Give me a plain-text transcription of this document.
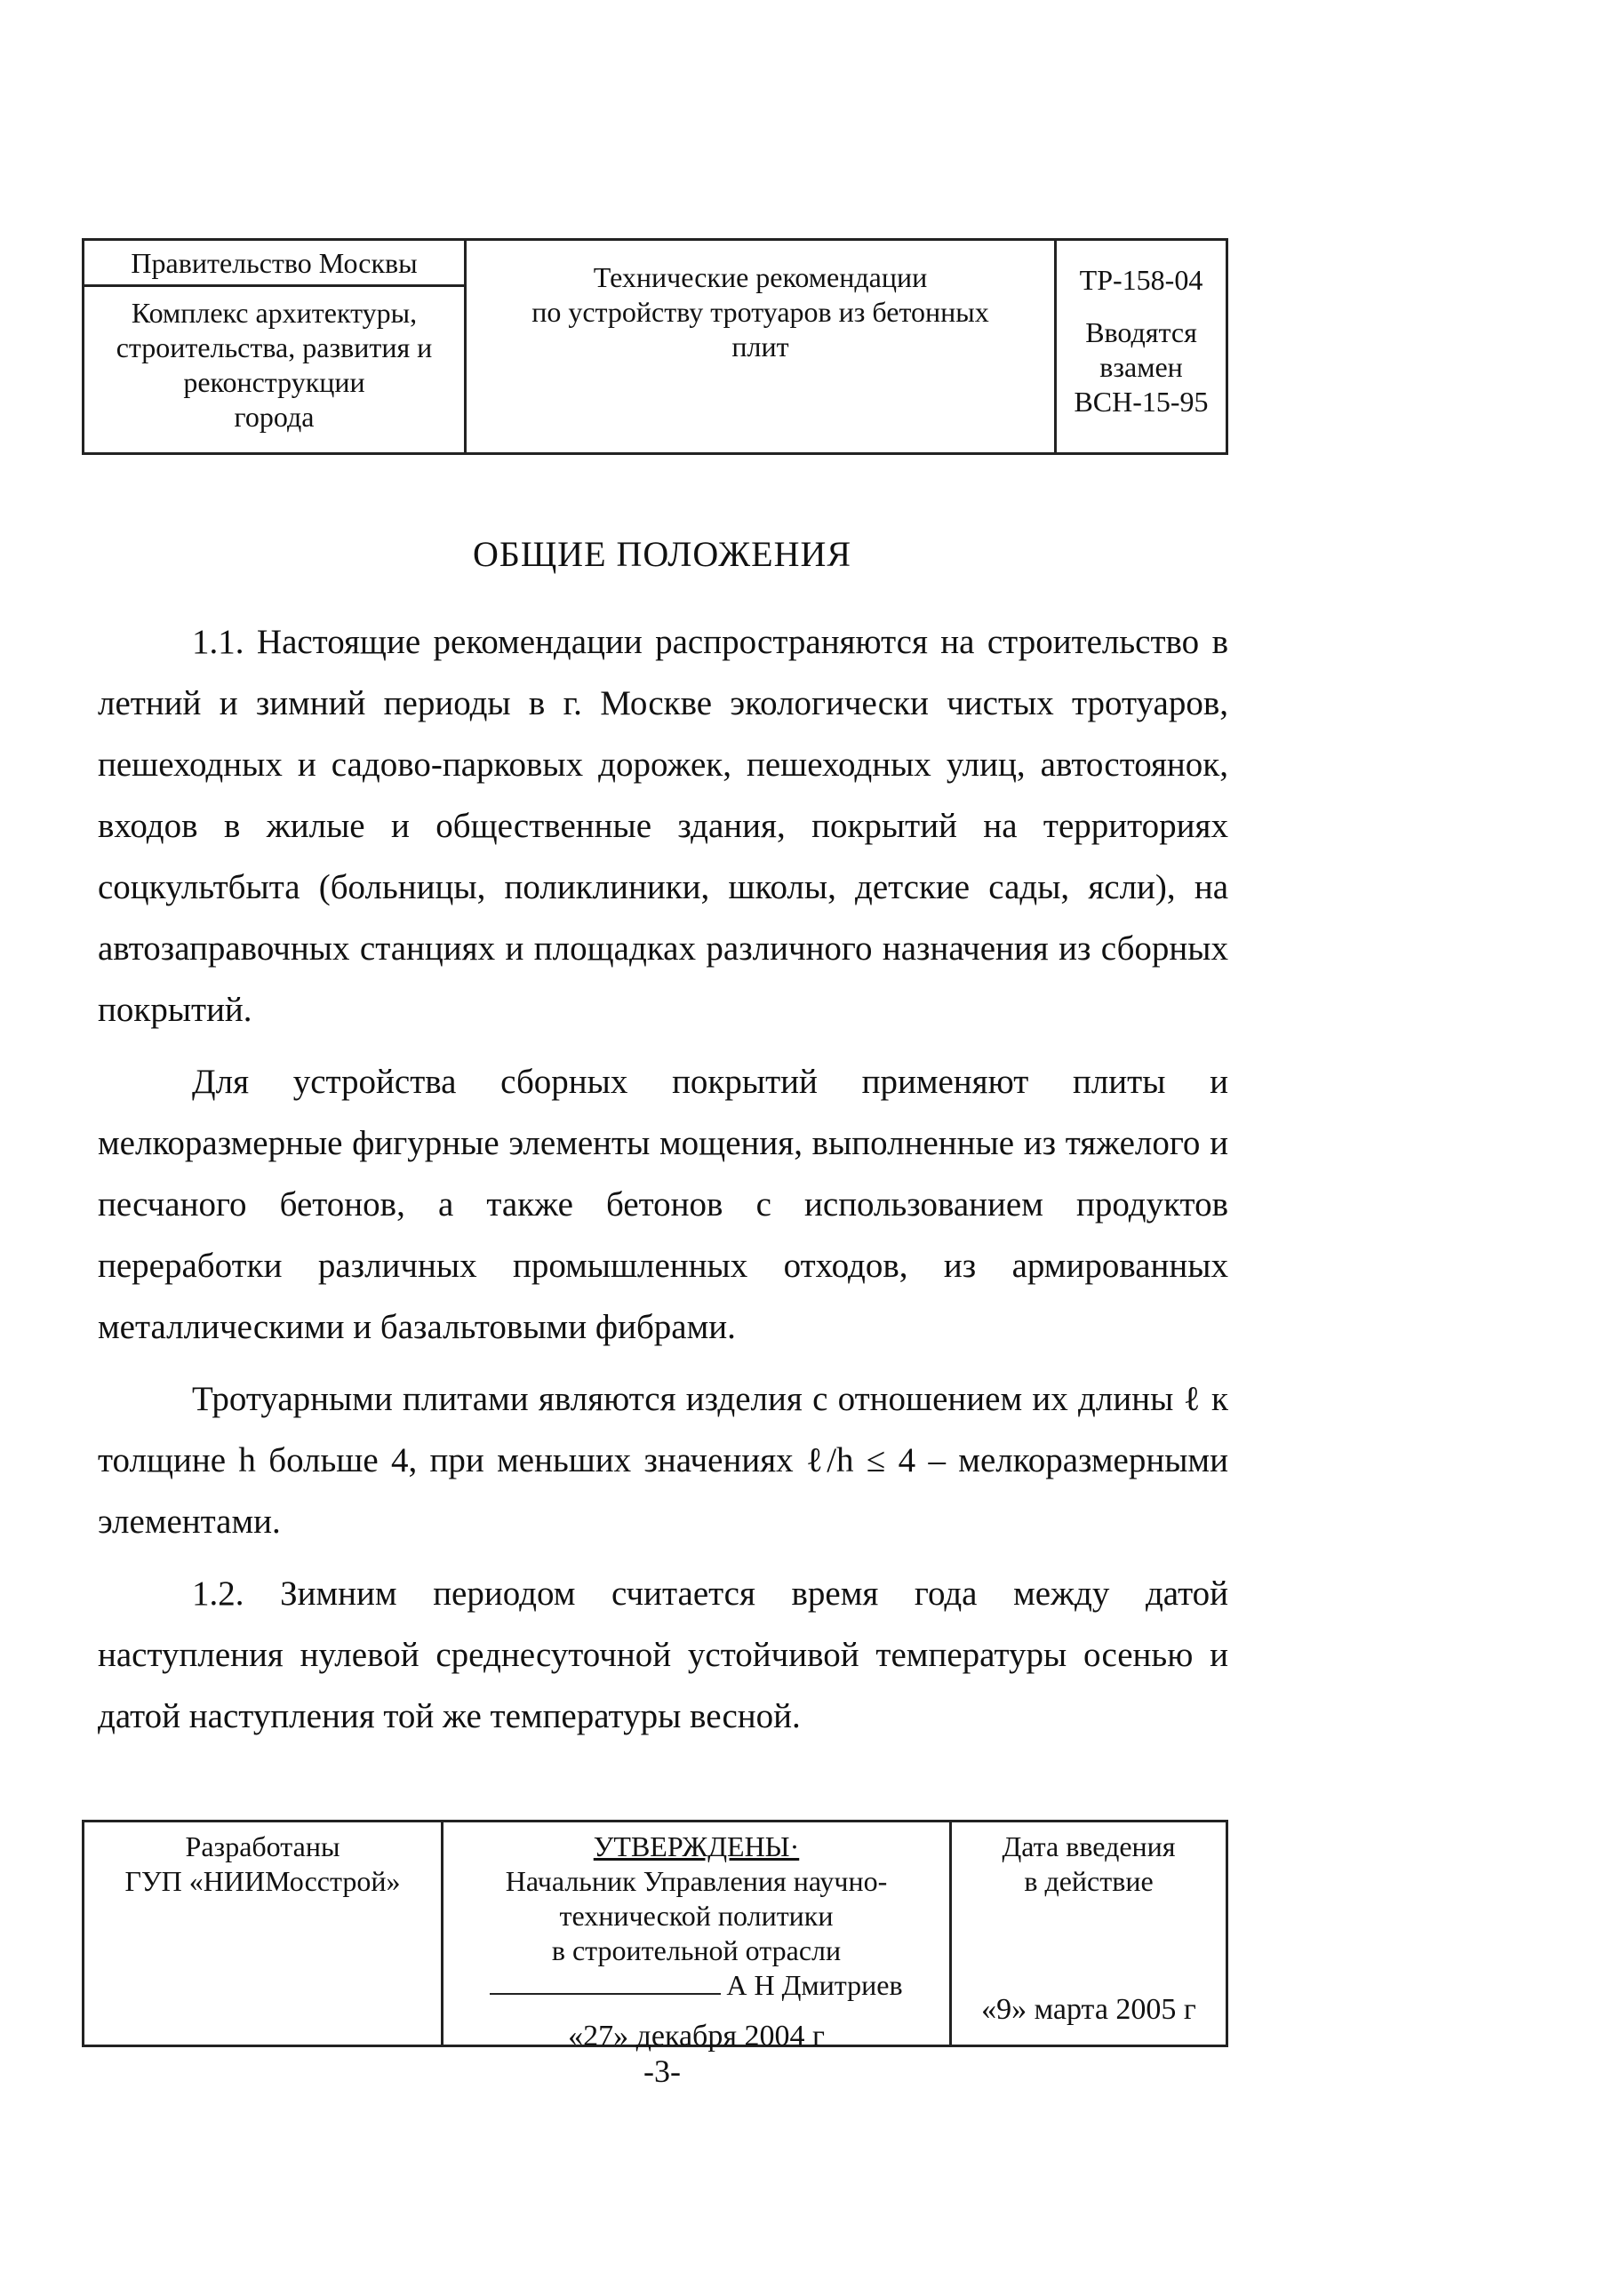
Правительство Москвы
Комплекс архитектуры,
строительства, развития и
реконструкции
города
Технические рекомендации
по устройству тротуаров из бетонных
плит
ТР-158-04
Вводятся
взамен
ВСН-15-95
ОБЩИЕ ПОЛОЖЕНИЯ

1.1. Настоящие рекомендации распространяются на строительство в летний и зимний периоды в г. Москве экологически чистых тротуаров, пешеходных и садово-парковых дорожек, пешеходных улиц, автостоянок, входов в жилые и общественные здания, покрытий на территориях соцкультбыта (больницы, поликлиники, школы, детские сады, ясли), на автозаправочных станциях и площадках различного назначения из сборных покрытий.

Для устройства сборных покрытий применяют плиты и мелкоразмерные фигурные элементы мощения, выполненные из тяжелого и песчаного бетонов, а также бетонов с использованием продуктов переработки различных промышленных отходов, из армированных металлическими и базальтовыми фибрами.

Тротуарными плитами являются изделия с отношением их длины ℓ к толщине h больше 4, при меньших значениях ℓ/h ≤ 4 – мелкоразмерными элементами.

1.2. Зимним периодом считается время года между датой наступления нулевой среднесуточной устойчивой температуры осенью и датой наступления той же температуры весной.

Разработаны
ГУП «НИИМосстрой»
УТВЕРЖДЕНЫ·
Начальник Управления научно-
технической политики
в строительной отрасли
А Н Дмитриев
«27» декабря 2004 г
Дата введения
в действие
«9» марта 2005 г
-3-
